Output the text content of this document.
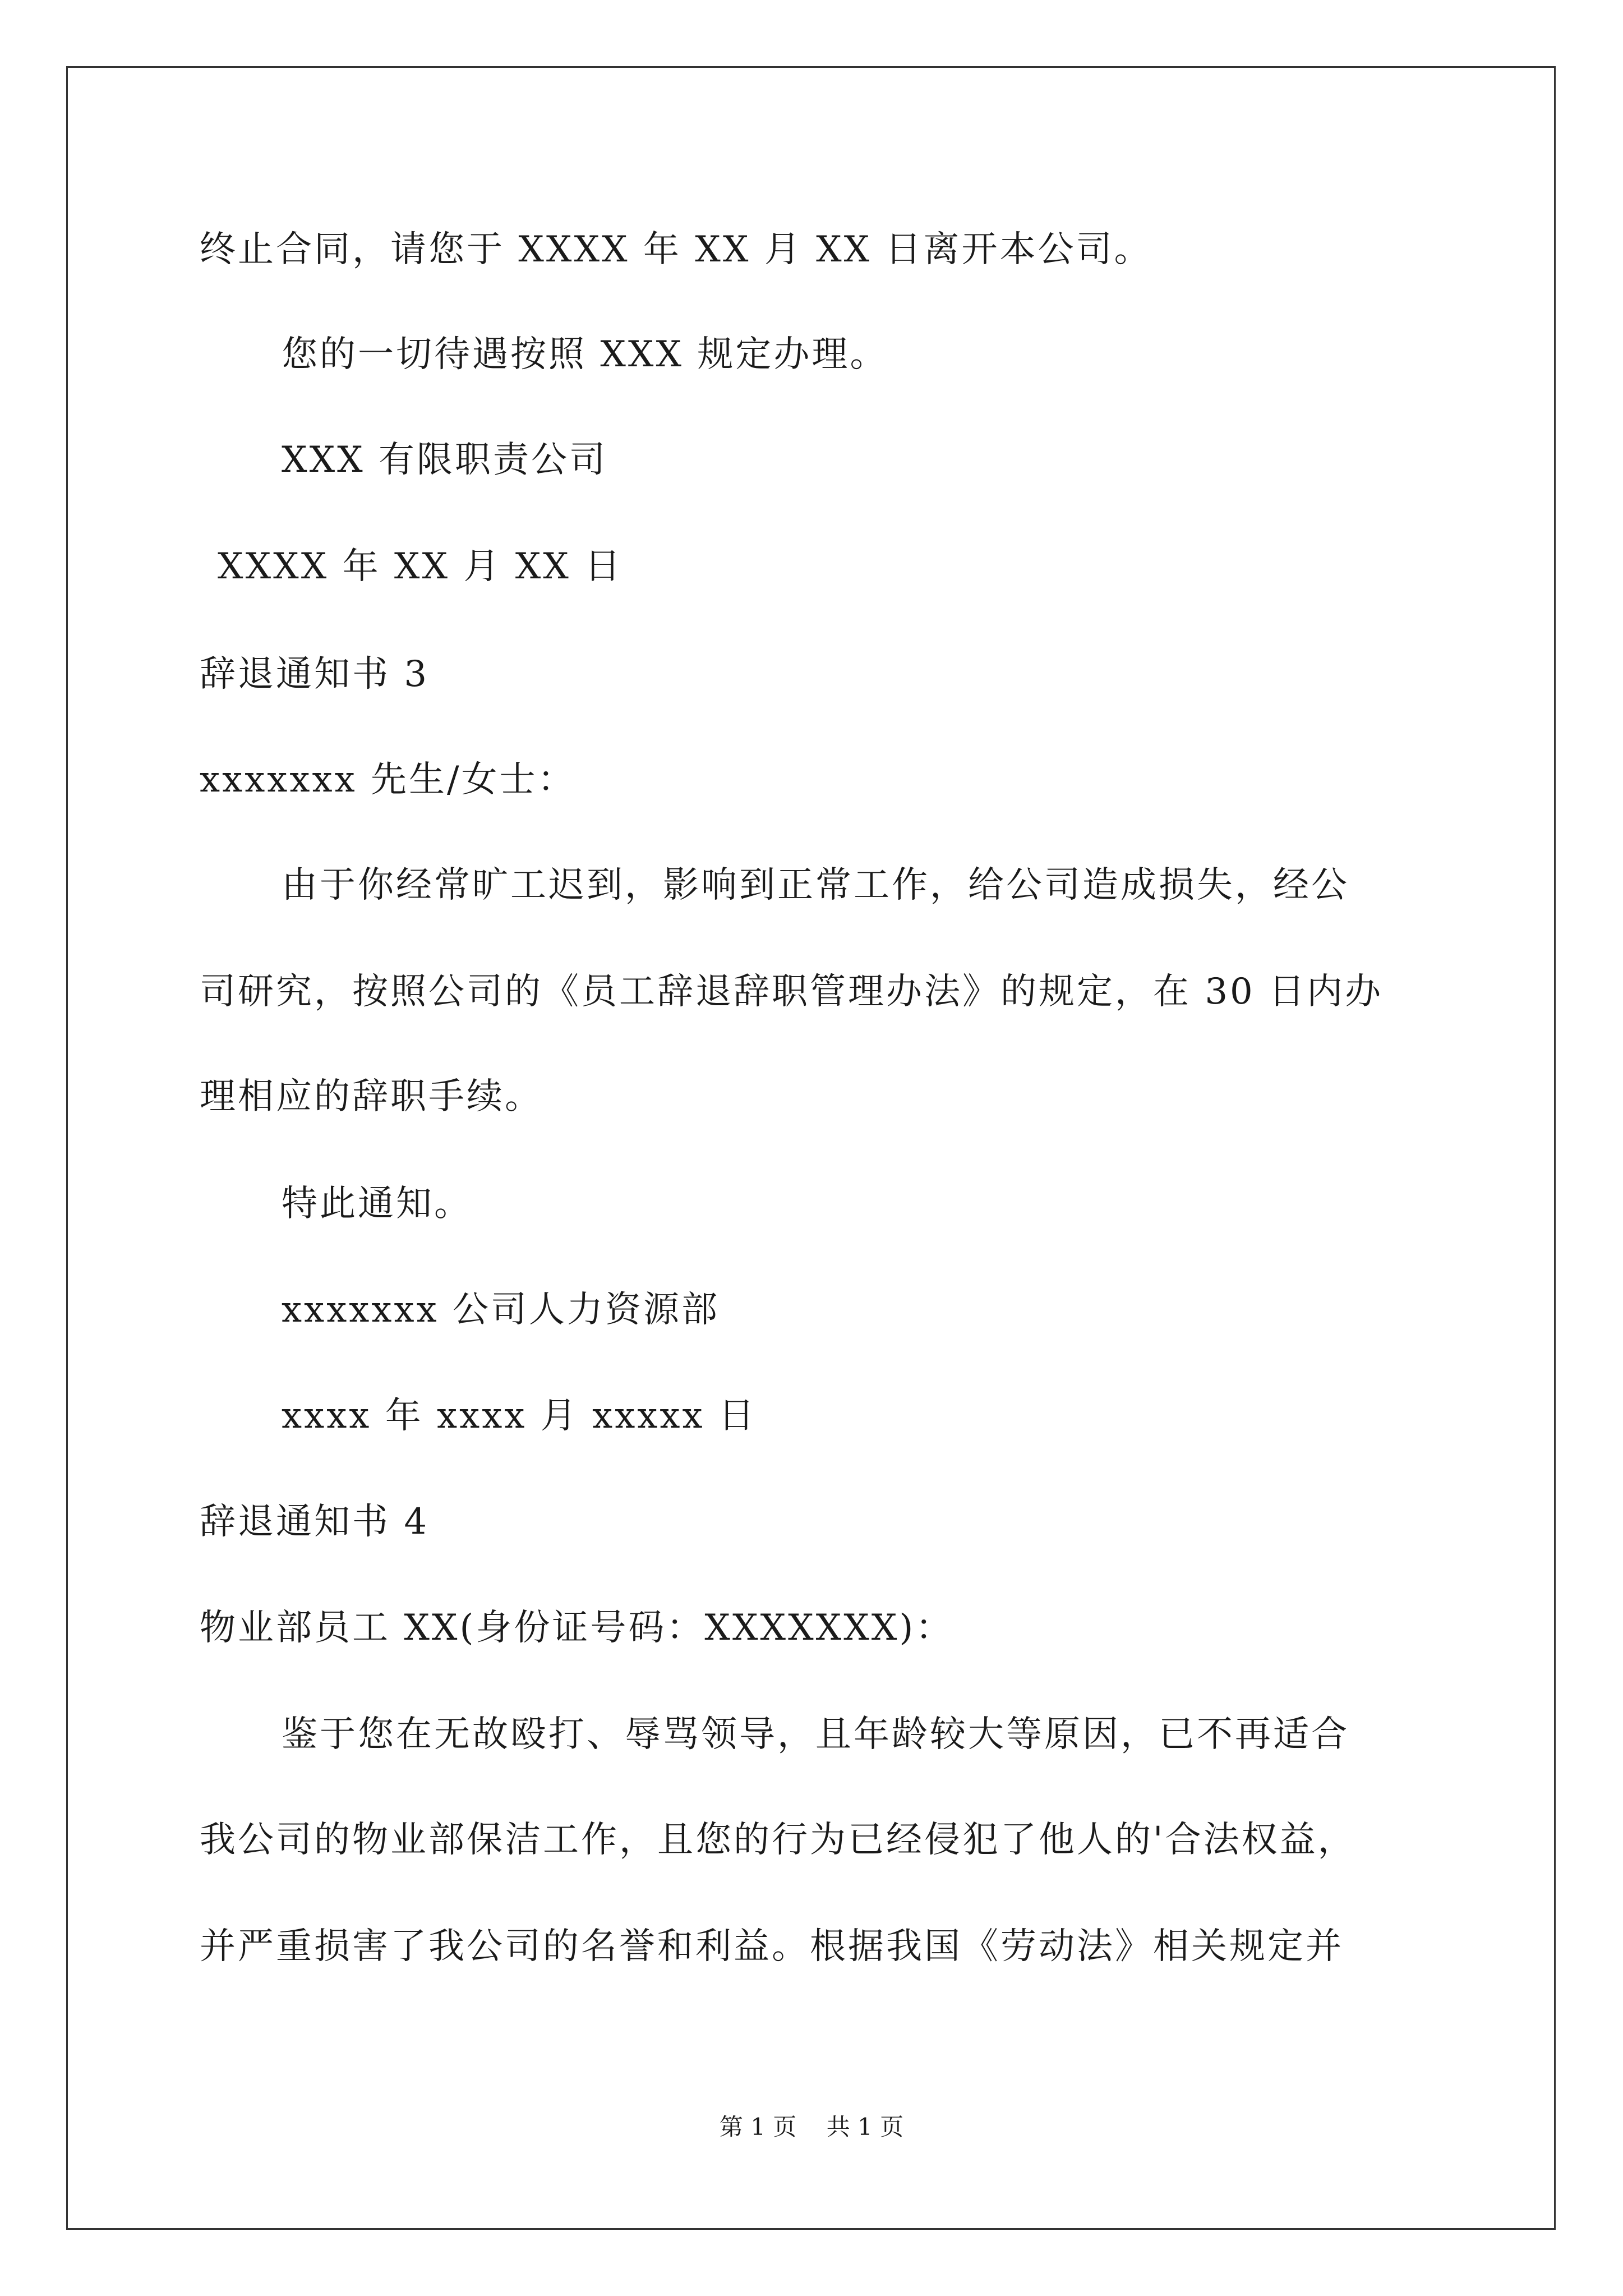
终止合同，请您于 XXXX 年 XX 月 XX 日离开本公司。
您的一切待遇按照 XXX 规定办理。
XXX 有限职责公司
XXXX 年 XX 月 XX 日
辞退通知书 3
xxxxxxx 先生/女士：
由于你经常旷工迟到，影响到正常工作，给公司造成损失，经公
司研究，按照公司的《员工辞退辞职管理办法》的规定，在 30 日内办
理相应的辞职手续。
特此通知。
xxxxxxx 公司人力资源部
xxxx 年 xxxx 月 xxxxx 日
辞退通知书 4
物业部员工 XX(身份证号码：XXXXXXX)：
鉴于您在无故殴打、辱骂领导，且年龄较大等原因，已不再适合
我公司的物业部保洁工作，且您的行为已经侵犯了他人的'合法权益，
并严重损害了我公司的名誉和利益。根据我国《劳动法》相关规定并
第 1 页    共 1 页
